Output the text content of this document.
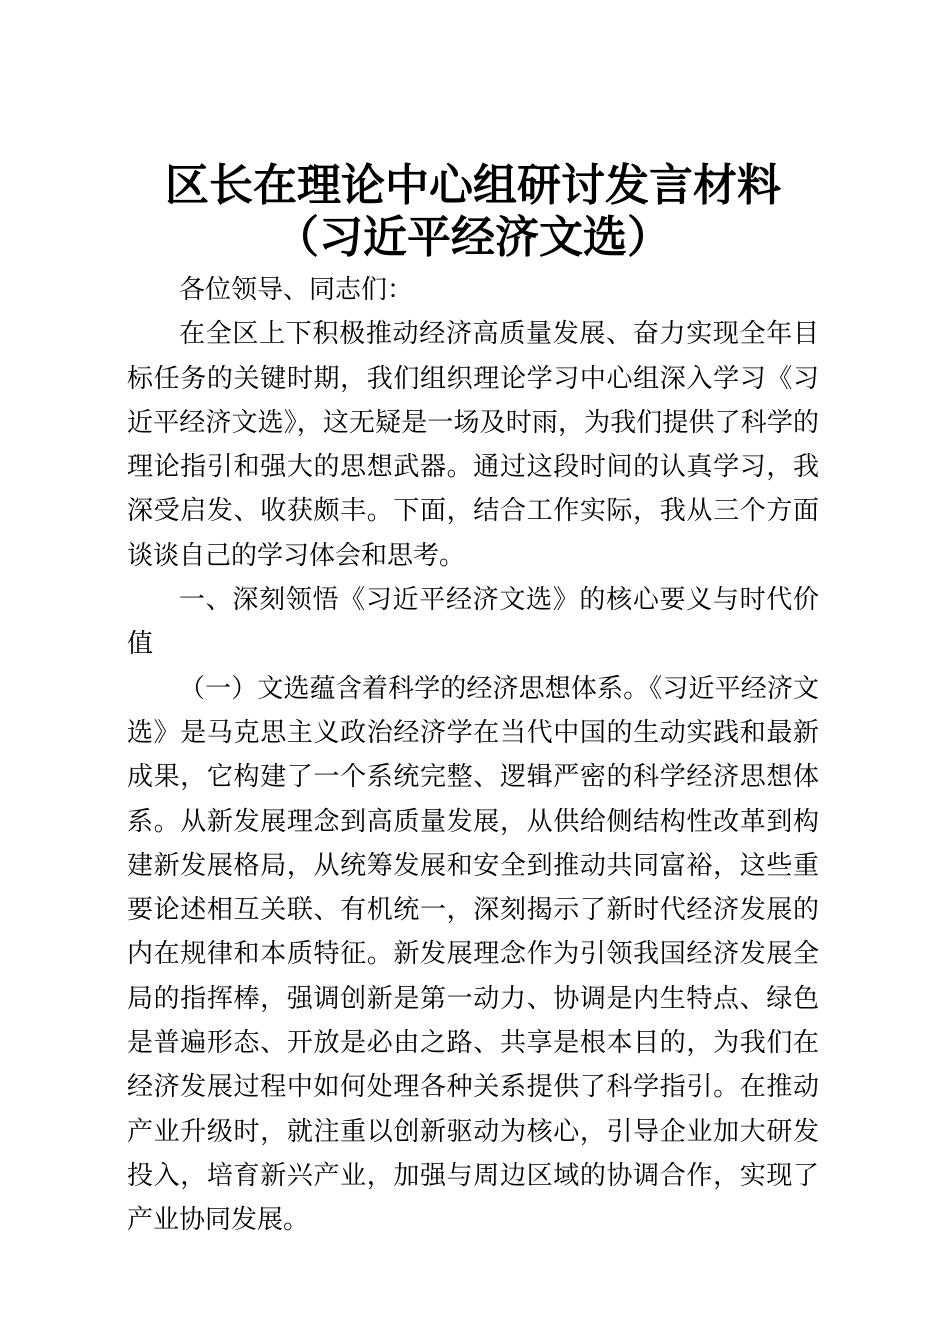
区长在理论中心组研讨发言材料（习近平经济文选）

各位领导、同志们：

在全区上下积极推动经济高质量发展、奋力实现全年目标任务的关键时期，我们组织理论学习中心组深入学习《习近平经济文选》，这无疑是一场及时雨，为我们提供了科学的理论指引和强大的思想武器。通过这段时间的认真学习，我深受启发、收获颇丰。下面，结合工作实际，我从三个方面谈谈自己的学习体会和思考。

一、深刻领悟《习近平经济文选》的核心要义与时代价值

（一）文选蕴含着科学的经济思想体系。《习近平经济文选》是马克思主义政治经济学在当代中国的生动实践和最新成果，它构建了一个系统完整、逻辑严密的科学经济思想体系。从新发展理念到高质量发展，从供给侧结构性改革到构建新发展格局，从统筹发展和安全到推动共同富裕，这些重要论述相互关联、有机统一，深刻揭示了新时代经济发展的内在规律和本质特征。新发展理念作为引领我国经济发展全局的指挥棒，强调创新是第一动力、协调是内生特点、绿色是普遍形态、开放是必由之路、共享是根本目的，为我们在经济发展过程中如何处理各种关系提供了科学指引。在推动产业升级时，就注重以创新驱动为核心，引导企业加大研发投入，培育新兴产业，加强与周边区域的协调合作，实现了产业协同发展。
